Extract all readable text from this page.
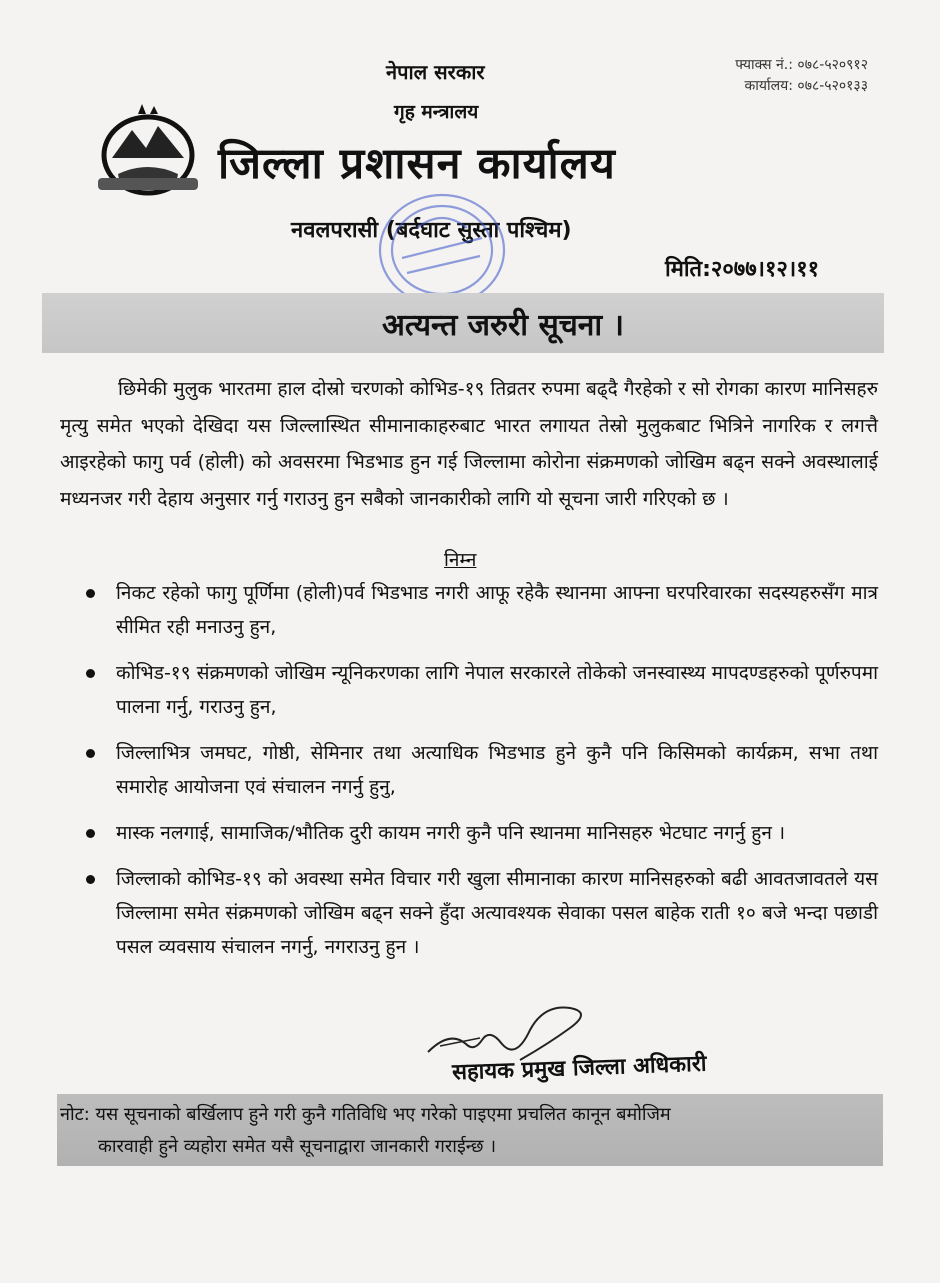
फ्याक्स नं.: ०७८-५२०९१२
कार्यालय: ०७८-५२०१३३
नेपाल सरकार
गृह मन्त्रालय
जिल्ला प्रशासन कार्यालय
नवलपरासी (बर्दघाट सुस्ता पश्चिम)
मिति:२०७७।१२।११
अत्यन्त जरुरी सूचना ।
छिमेकी मुलुक भारतमा हाल दोस्रो चरणको कोभिड-१९ तिव्रतर रुपमा बढ्दै गैरहेको र सो रोगका कारण मानिसहरु मृत्यु समेत भएको देखिदा यस जिल्लास्थित सीमानाकाहरुबाट भारत लगायत तेस्रो मुलुकबाट भित्रिने नागरिक र लगत्तै आइरहेको फागु पर्व (होली) को अवसरमा भिडभाड हुन गई जिल्लामा कोरोना संक्रमणको जोखिम बढ्न सक्ने अवस्थालाई मध्यनजर गरी देहाय अनुसार गर्नु गराउनु हुन सबैको जानकारीको लागि यो सूचना जारी गरिएको छ ।
निम्न
निकट रहेको फागु पूर्णिमा (होली)पर्व भिडभाड नगरी आफू रहेकै स्थानमा आफ्ना घरपरिवारका सदस्यहरुसँग मात्र सीमित रही मनाउनु हुन,
कोभिड-१९ संक्रमणको जोखिम न्यूनिकरणका लागि नेपाल सरकारले तोकेको जनस्वास्थ्य मापदण्डहरुको पूर्णरुपमा पालना गर्नु, गराउनु हुन,
जिल्लाभित्र जमघट, गोष्ठी, सेमिनार तथा अत्याधिक भिडभाड हुने कुनै पनि किसिमको कार्यक्रम, सभा तथा समारोह आयोजना एवं संचालन नगर्नु हुनु,
मास्क नलगाई, सामाजिक/भौतिक दुरी कायम नगरी कुनै पनि स्थानमा मानिसहरु भेटघाट नगर्नु हुन ।
जिल्लाको कोभिड-१९ को अवस्था समेत विचार गरी खुला सीमानाका कारण मानिसहरुको बढी आवतजावतले यस जिल्लामा समेत संक्रमणको जोखिम बढ्न सक्ने हुँदा अत्यावश्यक सेवाका पसल बाहेक राती १० बजे भन्दा पछाडी पसल व्यवसाय संचालन नगर्नु, नगराउनु हुन ।
सहायक प्रमुख जिल्ला अधिकारी
नोट: यस सूचनाको बर्खिलाप हुने गरी कुनै गतिविधि भए गरेको पाइएमा प्रचलित कानून बमोजिम
कारवाही हुने व्यहोरा समेत यसै सूचनाद्वारा जानकारी गराईन्छ ।
